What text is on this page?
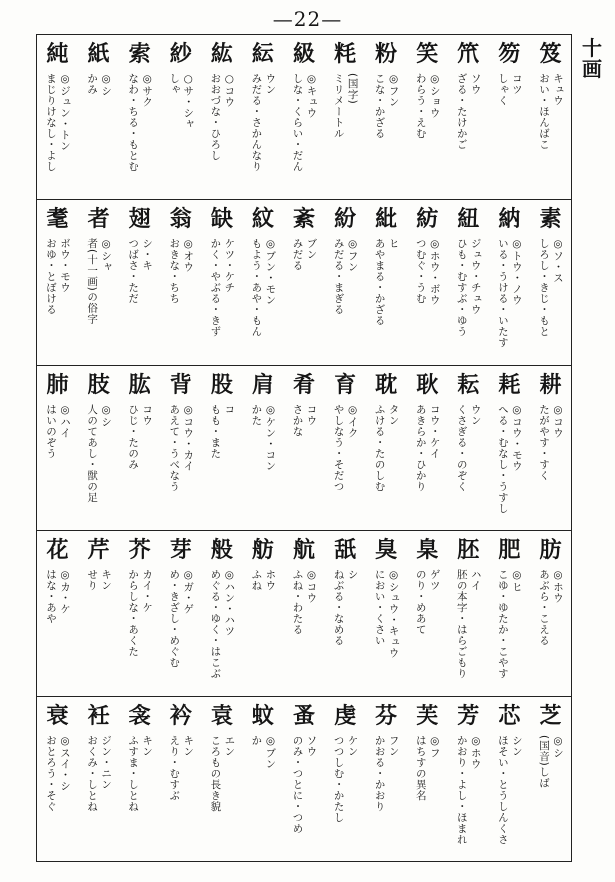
—22—
十画
笈
キュウ
おい・ほんばこ
笏
コツ
しゃく
笊
ソウ
ざる・たけかご
笑
◎ショウ
わらう・えむ
粉
◎フン
こな・かざる
粍
(国字)
ミリメートル
級
◎キュウ
しな・くらい・だん
紜
ウン
みだる・さかんなり
紘
○コウ
おおづな・ひろし
紗
○サ・シャ
しゃ
索
◎サク
なわ・ちる・もとむ
紙
◎シ
かみ
純
◎ジュン・トン
まじりけなし・よし
素
◎ソ・ス
しろし・きじ・もと
納
◎トウ・ノウ
いる・うける・いたす
紐
ジュウ・チュウ
ひも・むすぶ・ゆう
紡
◎ホウ・ボウ
つむぐ・うむ
紕
ヒ
あやまる・かざる
紛
◎フン
みだる・まぎる
紊
ブン
みだる
紋
◎ブン・モン
もよう・あや・もん
缺
ケツ・ケチ
かく・やぶる・きず
翁
◎オウ
おきな・ちち
翅
シ・キ
つばさ・ただ
者
◎シャ
者(十一画)の俗字
耄
ボウ・モウ
おゆ・とぼける
耕
◎コウ
たがやす・すく
耗
◎コウ・モウ
へる・むなし・うすし
耘
ウン
くさぎる・のぞく
耿
コウ・ケイ
あきらか・ひかり
耽
タン
ふける・たのしむ
育
◎イク
やしなう・そだつ
肴
コウ
さかな
肩
◎ケン・コン
かた
股
コ
もも・また
背
◎コウ・カイ
あえて・うべなう
肱
コウ
ひじ・たのみ
肢
◎シ
人のてあし・獣の足
肺
◎ハイ
はいのぞう
肪
◎ホウ
あぶら・こえる
肥
◎ヒ
こゆ・ゆたか・こやす
胚
ハイ
胚の本字・はらごもり
臬
ゲツ
のり・めあて
臭
◎シュウ・キュウ
におい・くさい
舐
シ
ねぶる・なめる
航
◎コウ
ふね・わたる
舫
ホウ
ふね
般
◎ハン・ハツ
めぐる・ゆく・はこぶ
芽
◎ガ・ゲ
め・きざし・めぐむ
芥
カイ・ケ
からしな・あくた
芹
キン
せり
花
◎カ・ケ
はな・あや
芝
◎シ
(国音)しば
芯
シン
ほそい・とうしんくさ
芳
◎ホウ
かおり・よし・ほまれ
芙
◎フ
はちすの異名
芬
フン
かおる・かおり
虔
ケン
つつしむ・かたし
蚤
ソウ
のみ・つとに・つめ
蚊
◎ブン
か
袁
エン
ころもの長き貌
衿
キン
えり・むすぶ
衾
キン
ふすま・しとね
衽
ジン・ニン
おくみ・しとね
衰
◎スイ・シ
おとろう・そぐ
